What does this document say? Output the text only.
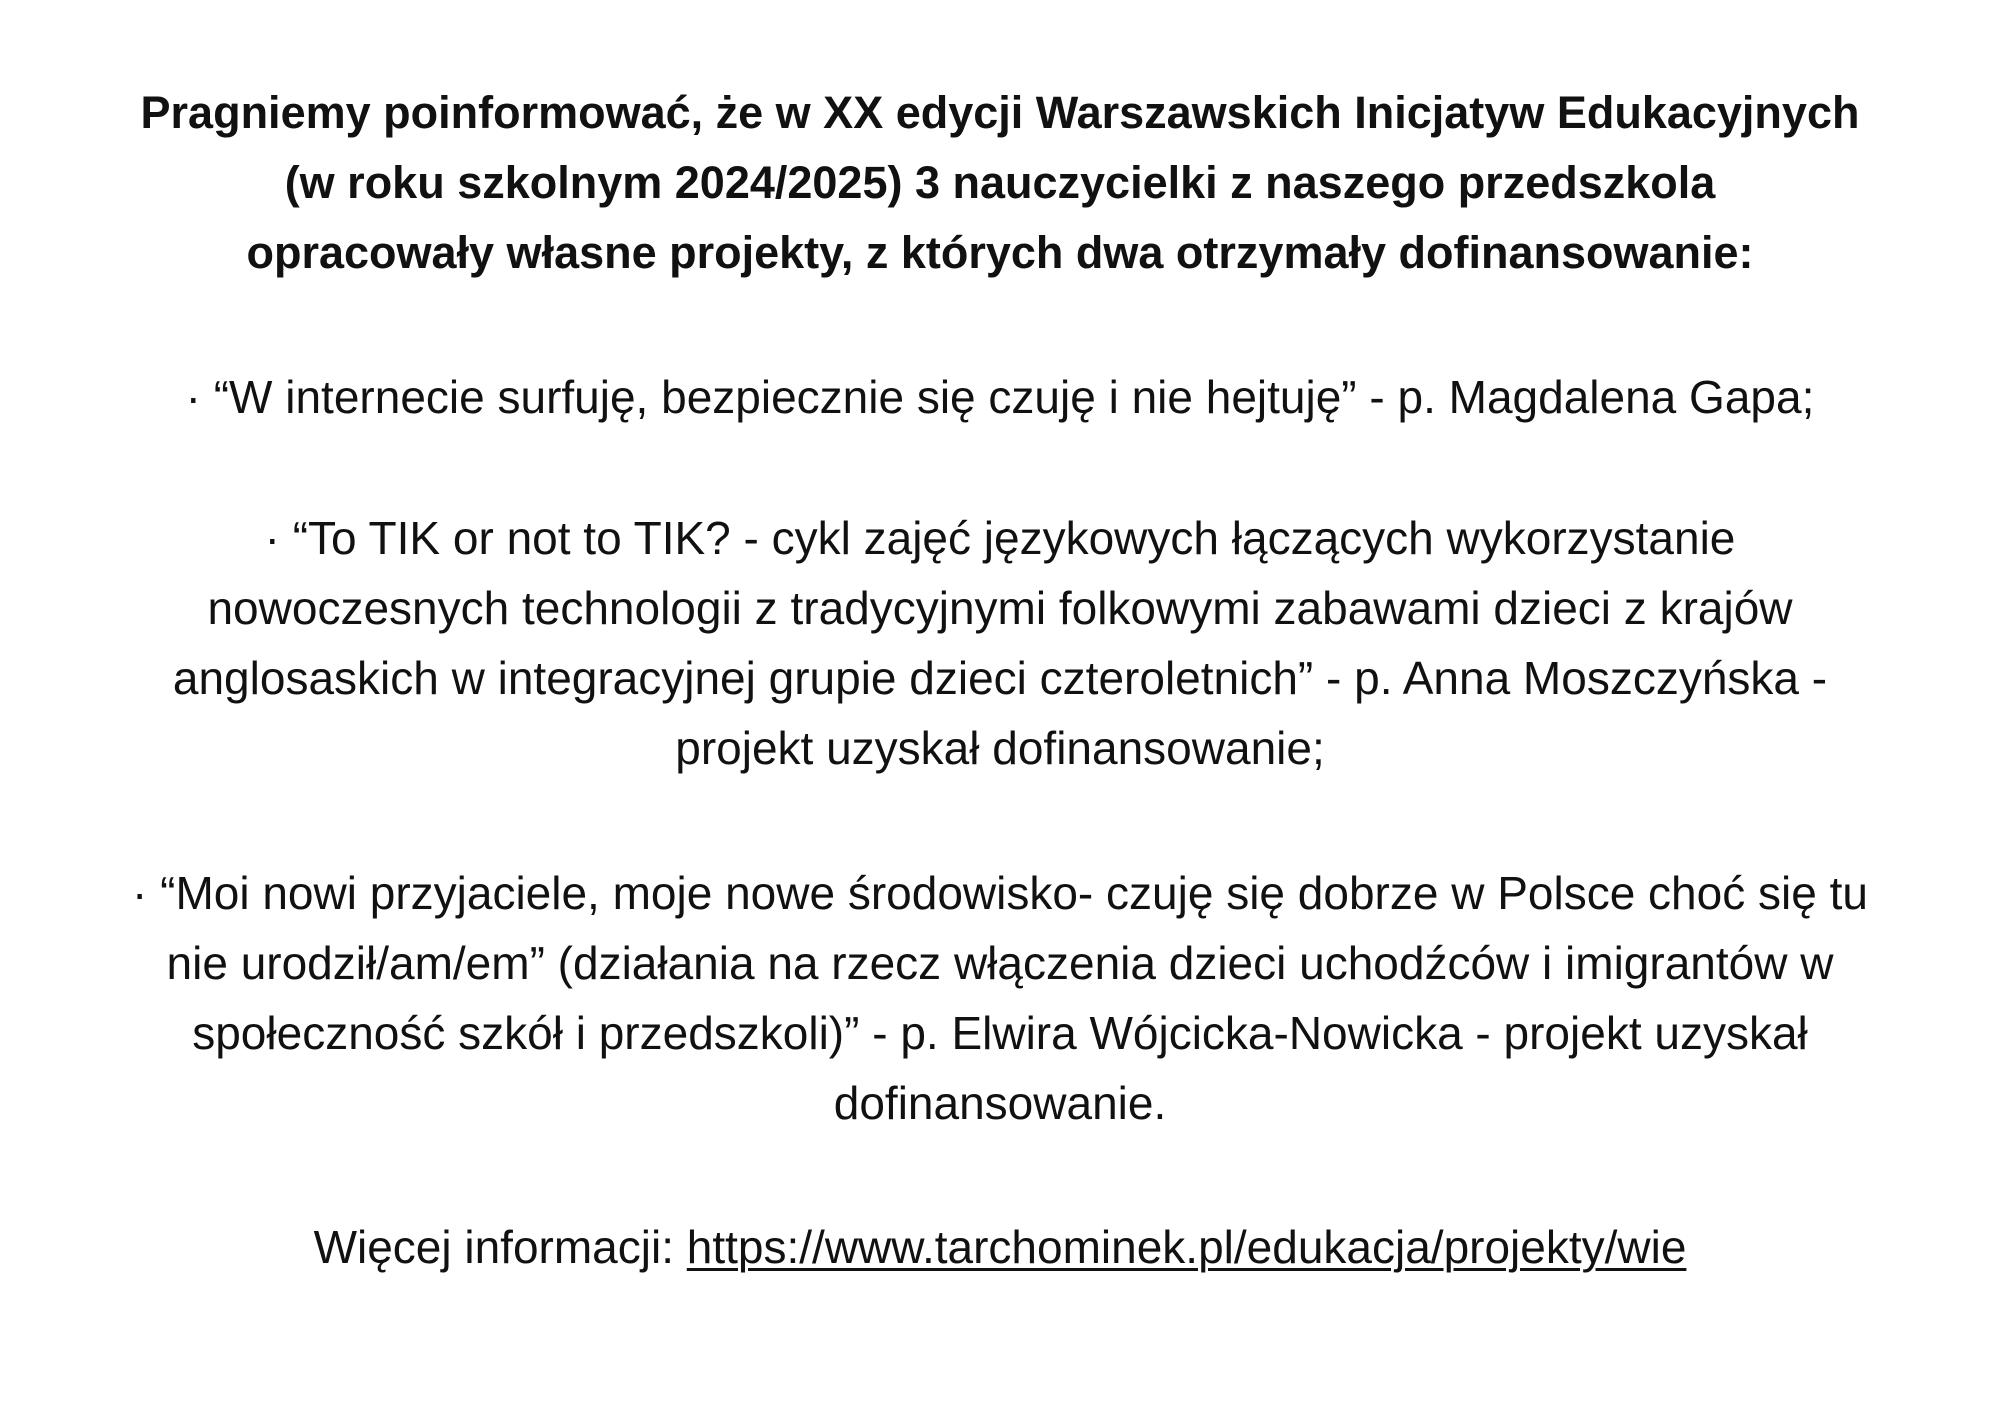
Pragniemy poinformować, że w XX edycji Warszawskich Inicjatyw Edukacyjnych
(w roku szkolnym 2024/2025) 3 nauczycielki z naszego przedszkola
opracowały własne projekty, z których dwa otrzymały dofinansowanie:

· “W internecie surfuję, bezpiecznie się czuję i nie hejtuję” - p. Magdalena Gapa;

· “To TIK or not to TIK? - cykl zajęć językowych łączących wykorzystanie
nowoczesnych technologii z tradycyjnymi folkowymi zabawami dzieci z krajów
anglosaskich w integracyjnej grupie dzieci czteroletnich” - p. Anna Moszczyńska -
projekt uzyskał dofinansowanie;

· “Moi nowi przyjaciele, moje nowe środowisko- czuję się dobrze w Polsce choć się tu
nie urodził/am/em” (działania na rzecz włączenia dzieci uchodźców i imigrantów w
społeczność szkół i przedszkoli)” - p. Elwira Wójcicka-Nowicka - projekt uzyskał
dofinansowanie.

Więcej informacji: https://www.tarchominek.pl/edukacja/projekty/wie
